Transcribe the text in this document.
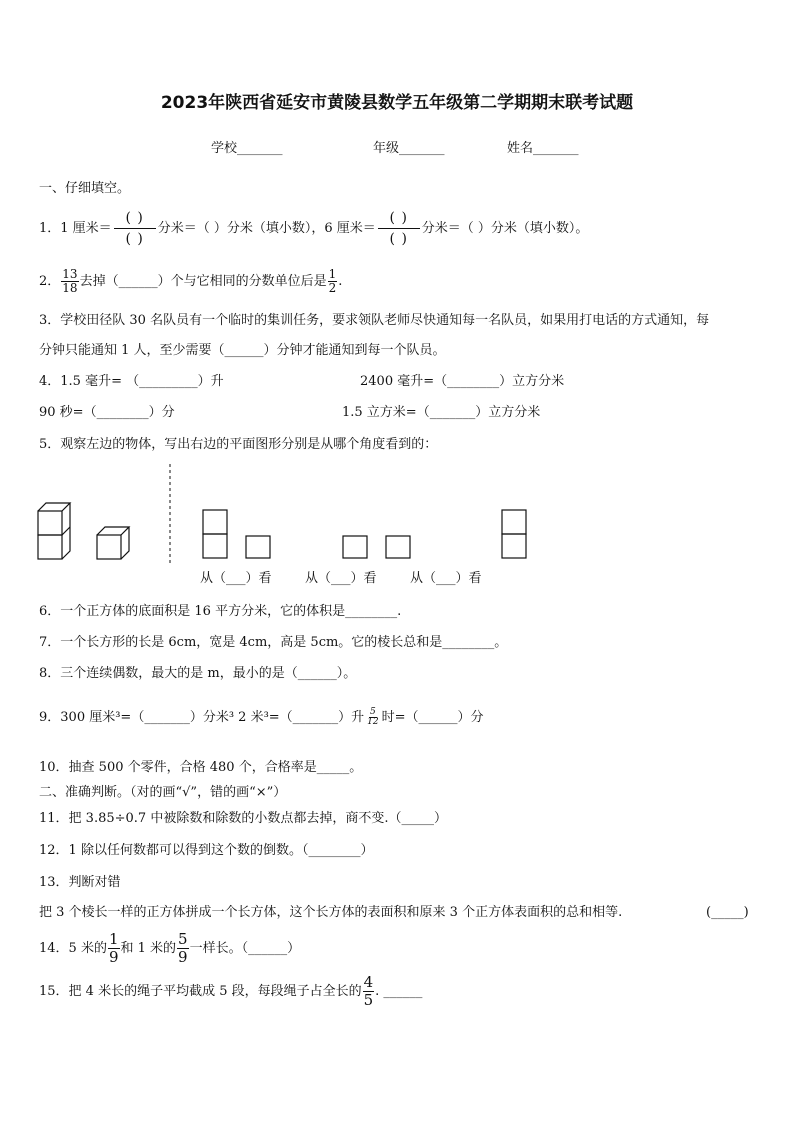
2023年陕西省延安市黄陵县数学五年级第二学期期末联考试题
学校_______	年级_______	姓名_______
一、仔细填空。
1． 1 厘米＝ $\frac{( )}{( )}$ 分米＝（ ）分米（填小数），6 厘米＝ $\frac{( )}{( )}$ 分米＝（ ）分米（填小数）。
2． $\frac{13}{18}$ 去掉（______）个与它相同的分数单位后是 $\frac{1}{2}$ .
3．学校田径队 30 名队员有一个临时的集训任务，要求领队老师尽快通知每一名队员，如果用打电话的方式通知，每
分钟只能通知 1 人，至少需要（______）分钟才能通知到每一个队员。
4．1.5 毫升= （_________）升	2400 毫升=（________）立方分米
90 秒=（________）分	1.5 立方米=（_______）立方分米
5．观察左边的物体，写出右边的平面图形分别是从哪个角度看到的：
从（___）看	从（___）看	从（___）看
6．一个正方体的底面积是 16 平方分米，它的体积是________.
7．一个长方形的长是 6cm，宽是 4cm，高是 5cm。它的棱长总和是________。
8．三个连续偶数，最大的是 m，最小的是（______）。
9．300 厘米³=（_______）分米³ 2 米³=（_______）升 $\frac{5}{12}$ 时=（______）分
10．抽查 500 个零件，合格 480 个，合格率是_____。
二、准确判断。（对的画“√”，错的画“×”）
11．把 3.85÷0.7 中被除数和除数的小数点都去掉，商不变.（_____）
12．1 除以任何数都可以得到这个数的倒数。（________）
13．判断对错
把 3 个棱长一样的正方体拼成一个长方体，这个长方体的表面积和原来 3 个正方体表面积的总和相等.	(_____)
14．5 米的 $\frac{1}{9}$ 和 1 米的 $\frac{5}{9}$ 一样长。（______）
15．把 4 米长的绳子平均截成 5 段，每段绳子占全长的 $\frac{4}{5}$ . ______
